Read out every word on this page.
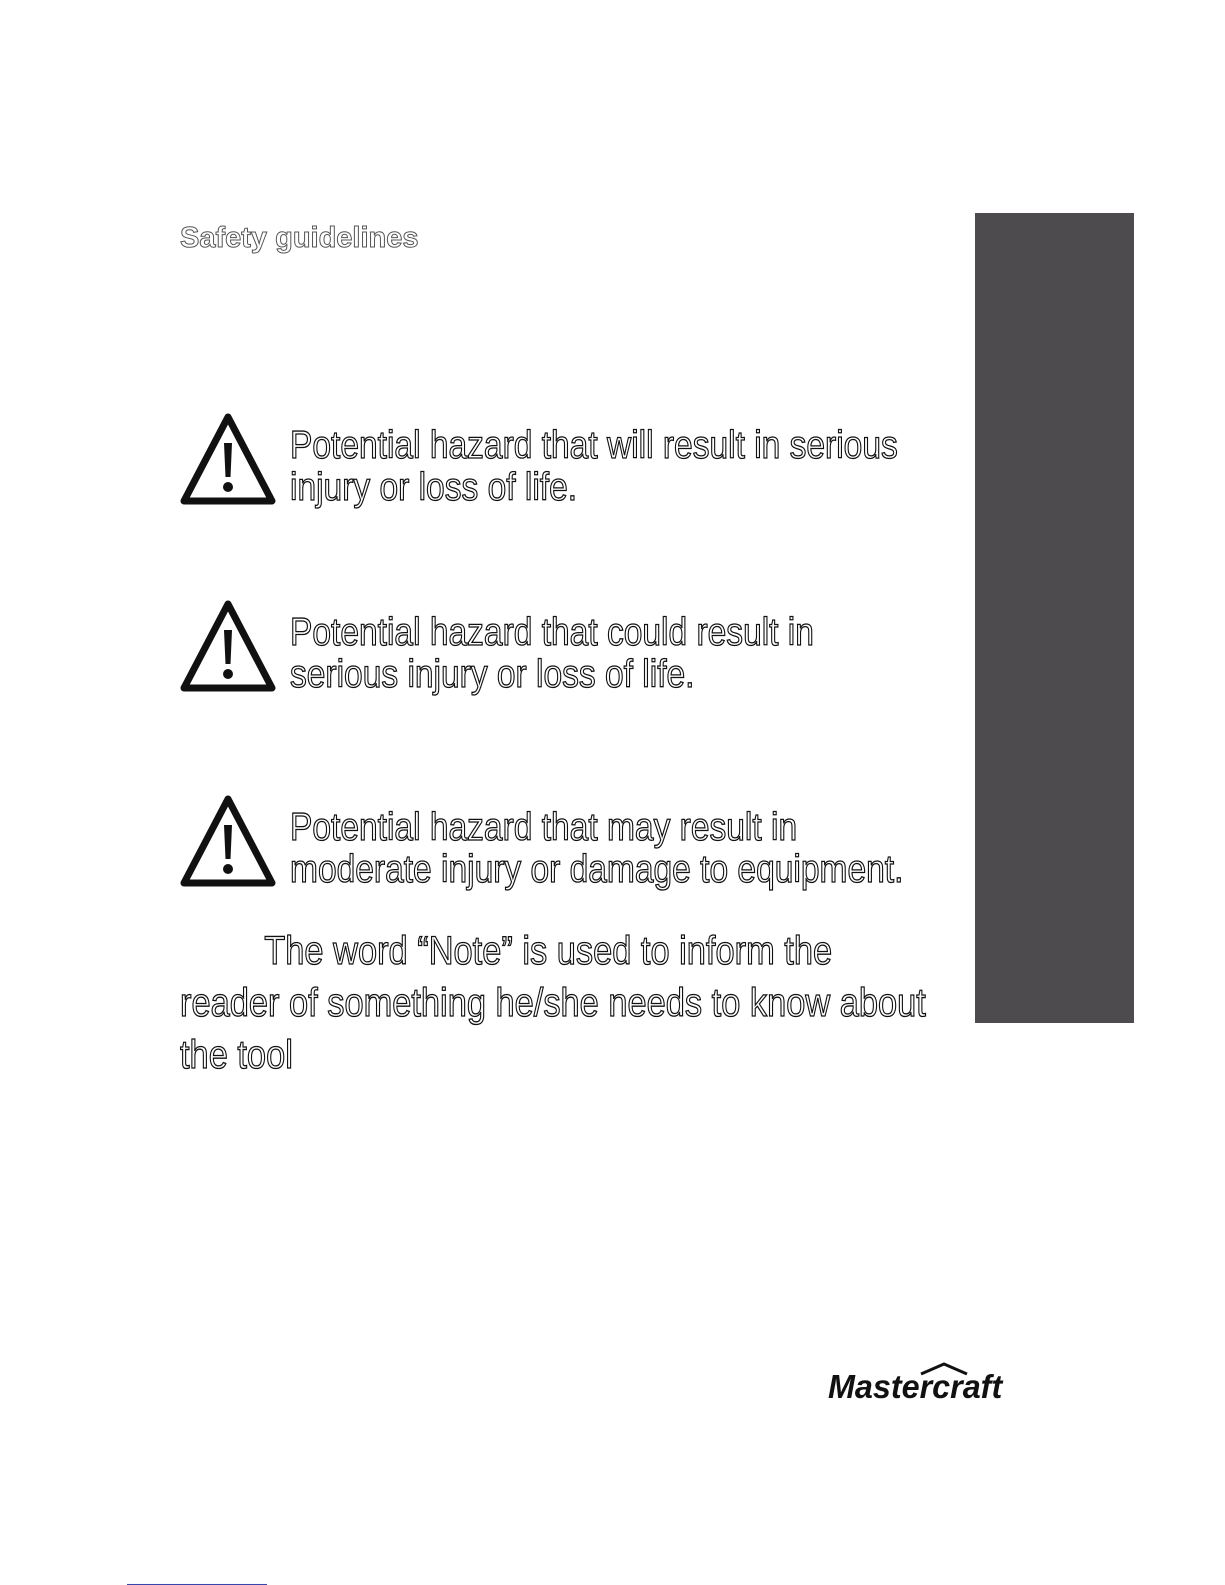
Safety guidelines
Potential hazard that will result in serious
injury or loss of life.
Potential hazard that could result in
serious injury or loss of life.
Potential hazard that may result in
moderate injury or damage to equipment.
The word “Note” is used to inform the
reader of something he/she needs to know about
the tool
Mastercraft
